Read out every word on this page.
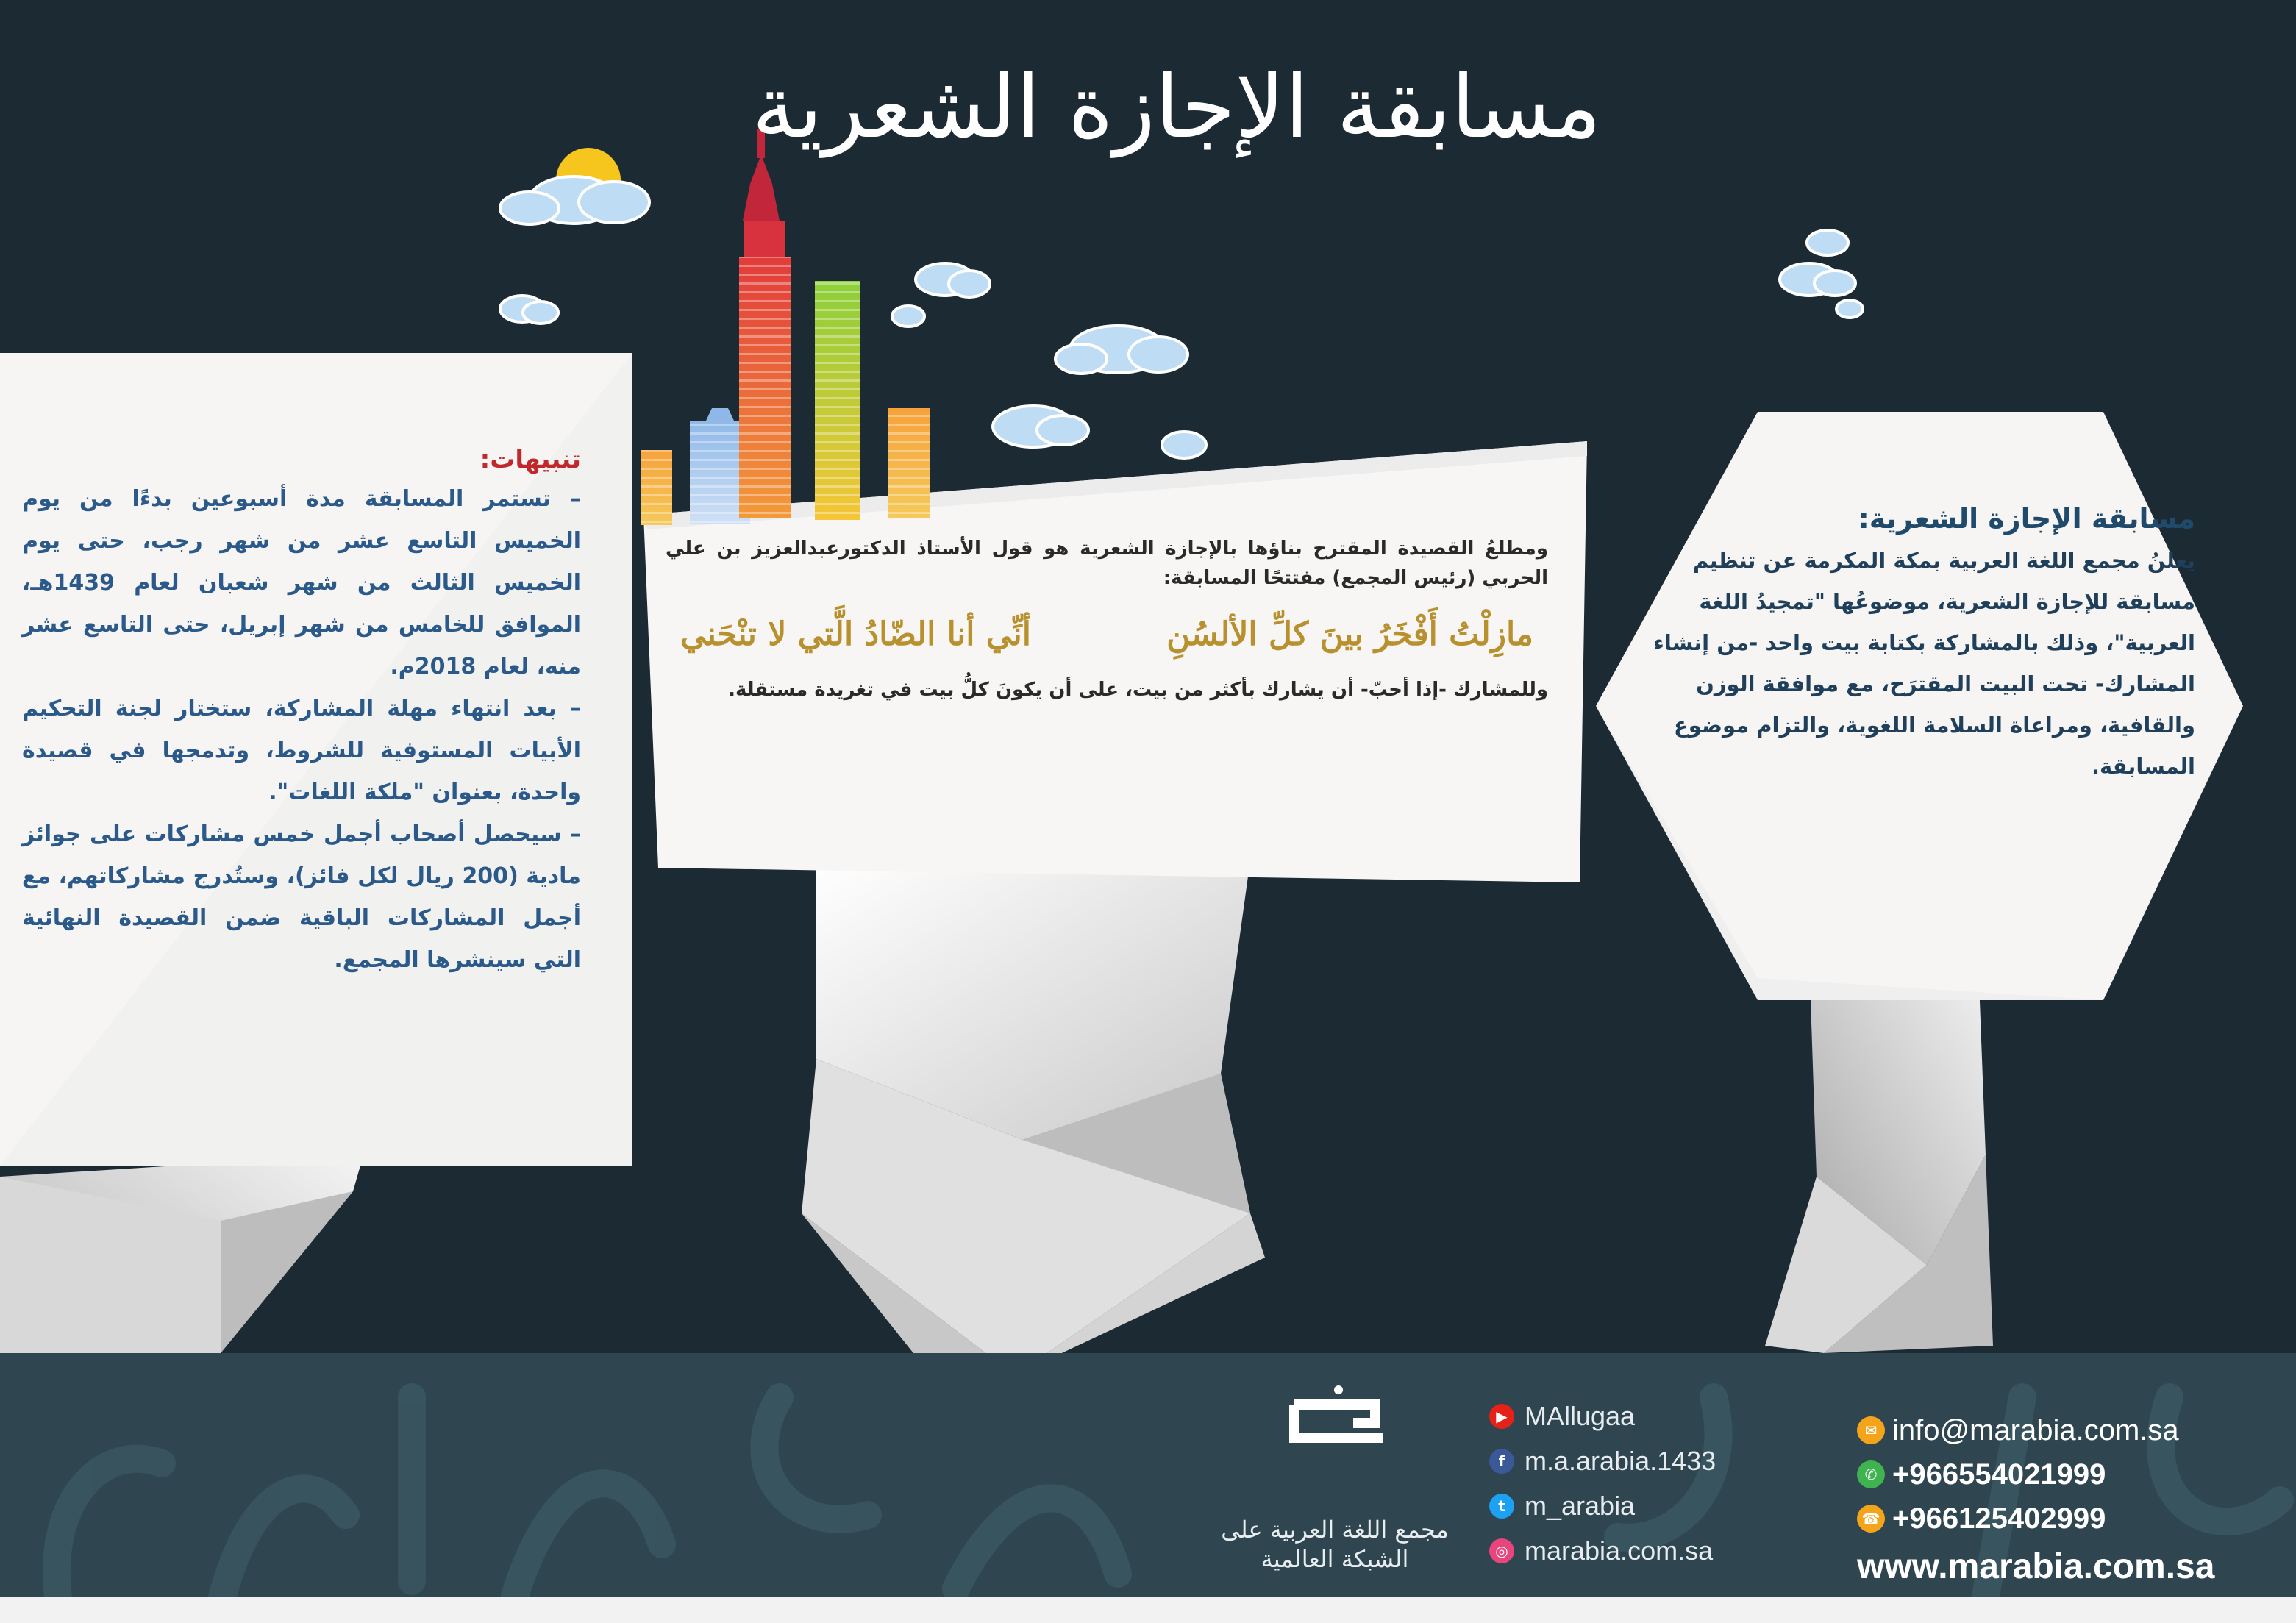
مسابقة الإجازة الشعرية
تنبيهات:

– تستمر المسابقة مدة أسبوعين بدءًا من يوم الخميس التاسع عشر من شهر رجب، حتى يوم الخميس الثالث من شهر شعبان لعام 1439هـ، الموافق للخامس من شهر إبريل، حتى التاسع عشر منه، لعام 2018م.

– بعد انتهاء مهلة المشاركة، ستختار لجنة التحكيم الأبيات المستوفية للشروط، وتدمجها في قصيدة واحدة، بعنوان "ملكة اللغات".

– سيحصل أصحاب أجمل خمس مشاركات على جوائز مادية (200 ريال لكل فائز)، وستُدرج مشاركاتهم، مع أجمل المشاركات الباقية ضمن القصيدة النهائية التي سينشرها المجمع.

ومطلعُ القصيدة المقترح بناؤها بالإجازة الشعرية هو قول الأستاذ الدكتورعبدالعزيز بن علي الحربي (رئيس المجمع) مفتتحًا المسابقة:

مازِلْتُ أَفْخَرُ بينَ كلِّ الألسُنِ
أنِّي أنا الضّادُ الَّتي لا تنْحَني

وللمشارك -إذا أحبّ- أن يشارك بأكثر من بيت، على أن يكونَ كلُّ بيت في تغريدة مستقلة.

مسابقة الإجازة الشعرية:

يعلنُ مجمع اللغة العربية بمكة المكرمة عن تنظيم مسابقة للإجازة الشعرية، موضوعُها "تمجيدُ اللغة العربية"، وذلك بالمشاركة بكتابة بيت واحد -من إنشاء المشارك- تحت البيت المقترَح، مع موافقة الوزن والقافية، ومراعاة السلامة اللغوية، والتزام موضوع المسابقة.

مجمع اللغة العربية على الشبكة العالمية
▶ MAllugaa
f m.a.arabia.1433
t m_arabia
◎ marabia.com.sa
✉ info@marabia.com.sa
✆ +966554021999
☎ +966125402999
www.marabia.com.sa
